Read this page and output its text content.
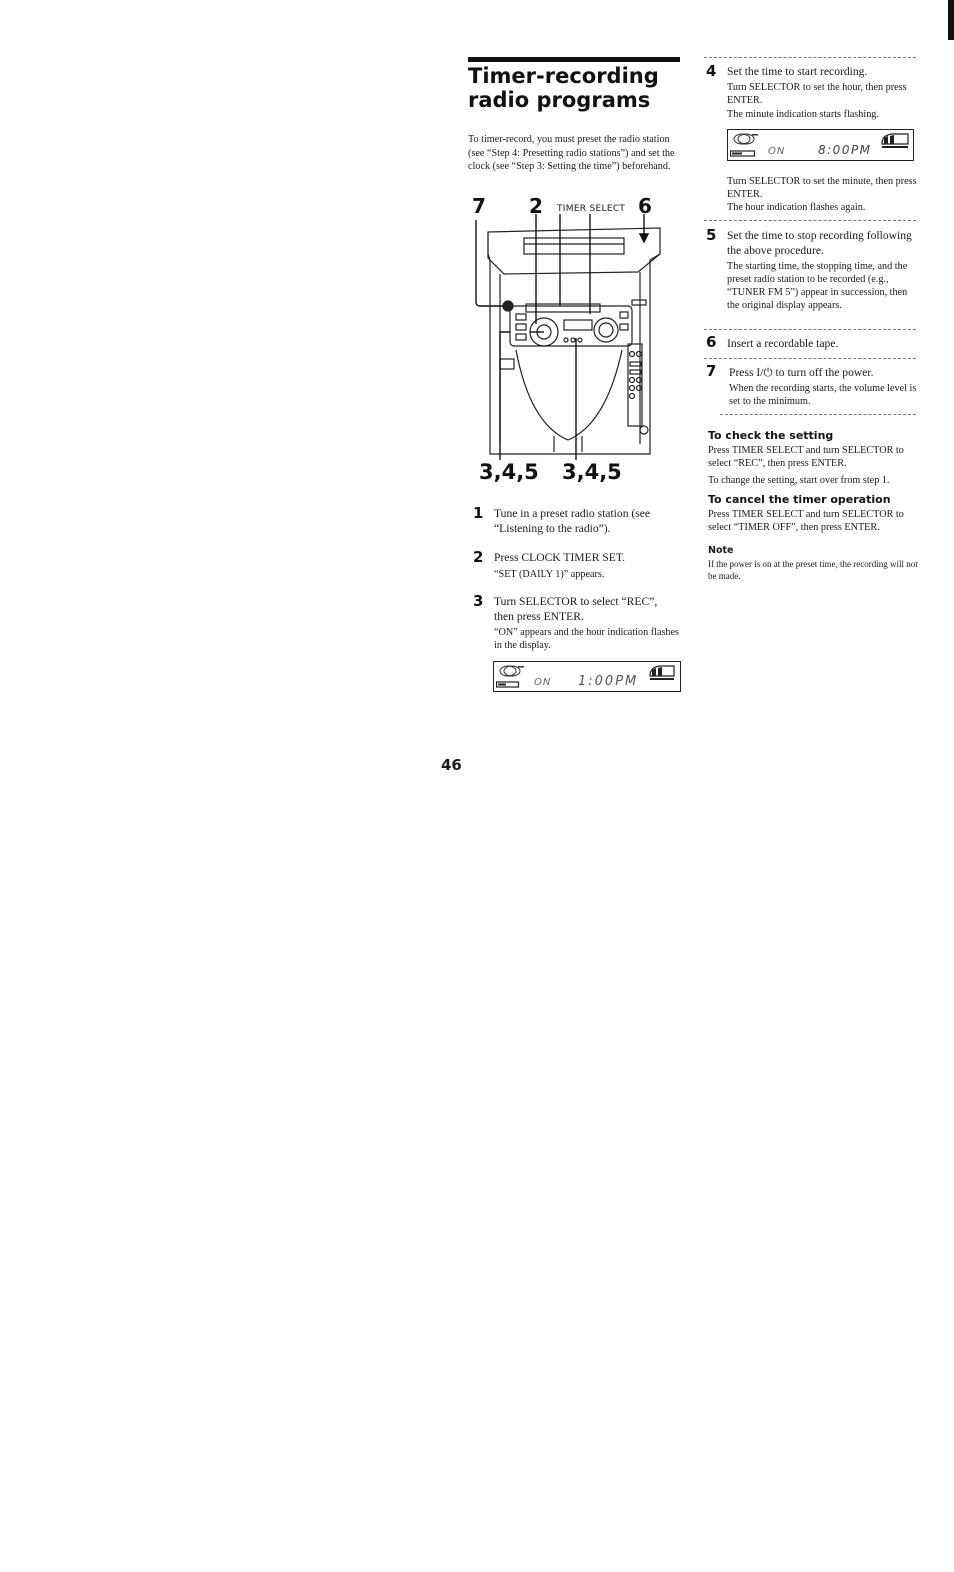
Timer-recording
radio programs
To timer-record, you must preset the radio station (see “Step 4: Presetting radio stations”) and set the clock (see “Step 3: Setting the time”) beforehand.
7 2 TIMER SELECT 6
3,4,5 3,4,5
1 Tune in a preset radio station (see “Listening to the radio”).
2 Press CLOCK TIMER SET.
“SET (DAILY 1)” appears.
3 Turn SELECTOR to select “REC”, then press ENTER.
“ON” appears and the hour indication flashes in the display.
ON 1:00PM
4 Set the time to start recording.
Turn SELECTOR to set the hour, then press ENTER.
The minute indication starts flashing.
ON	8:00PM
Turn SELECTOR to set the minute, then press ENTER.
The hour indication flashes again.
5 Set the time to stop recording following the above procedure.
The starting time, the stopping time, and the preset radio station to be recorded (e.g., “TUNER FM 5”) appear in succession, then the original display appears.
6 Insert a recordable tape.
7 Press I/⏻ to turn off the power.
When the recording starts, the volume level is set to the minimum.
To check the setting
Press TIMER SELECT and turn SELECTOR to select “REC”, then press ENTER.
To change the setting, start over from step 1.
To cancel the timer operation
Press TIMER SELECT and turn SELECTOR to select “TIMER OFF”, then press ENTER.
Note
If the power is on at the preset time, the recording will not be made.
46
